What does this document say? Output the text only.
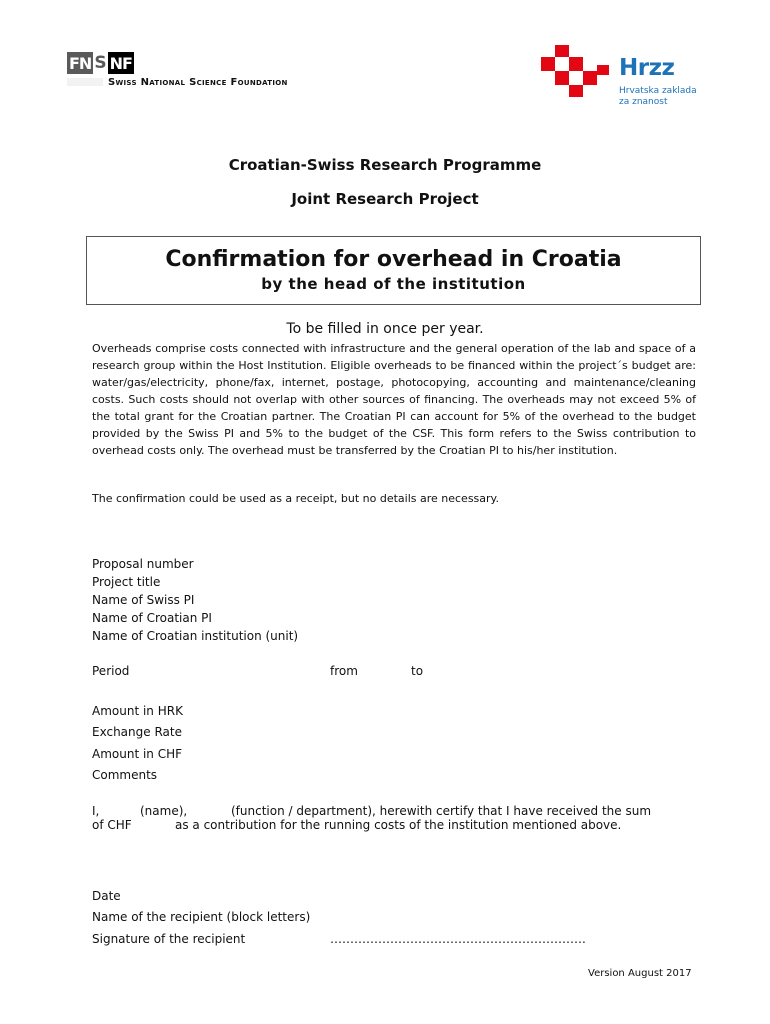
FN S NF
Swiss National Science Foundation
Hrzz
Hrvatska zaklada
za znanost
Croatian-Swiss Research Programme
Joint Research Project
Confirmation for overhead in Croatia
by the head of the institution
To be filled in once per year.
Overheads comprise costs connected with infrastructure and the general operation of the lab and space of a research group within the Host Institution. Eligible overheads to be financed within the project´s budget are: water/gas/electricity, phone/fax, internet, postage, photocopying, accounting and maintenance/cleaning costs. Such costs should not overlap with other sources of financing. The overheads may not exceed 5% of the total grant for the Croatian partner. The Croatian PI can account for 5% of the overhead to the budget provided by the Swiss PI and 5% to the budget of the CSF. This form refers to the Swiss contribution to overhead costs only. The overhead must be transferred by the Croatian PI to his/her institution.
The confirmation could be used as a receipt, but no details are necessary.
Proposal number
Project title
Name of Swiss PI
Name of Croatian PI
Name of Croatian institution (unit)
Period	from	to
Amount in HRK
Exchange Rate
Amount in CHF
Comments
I,	(name),	(function / department), herewith certify that I have received the sum
of CHF	as a contribution for the running costs of the institution mentioned above.
Date
Name of the recipient (block letters)
Signature of the recipient	……………………………………………………….
Version August 2017
